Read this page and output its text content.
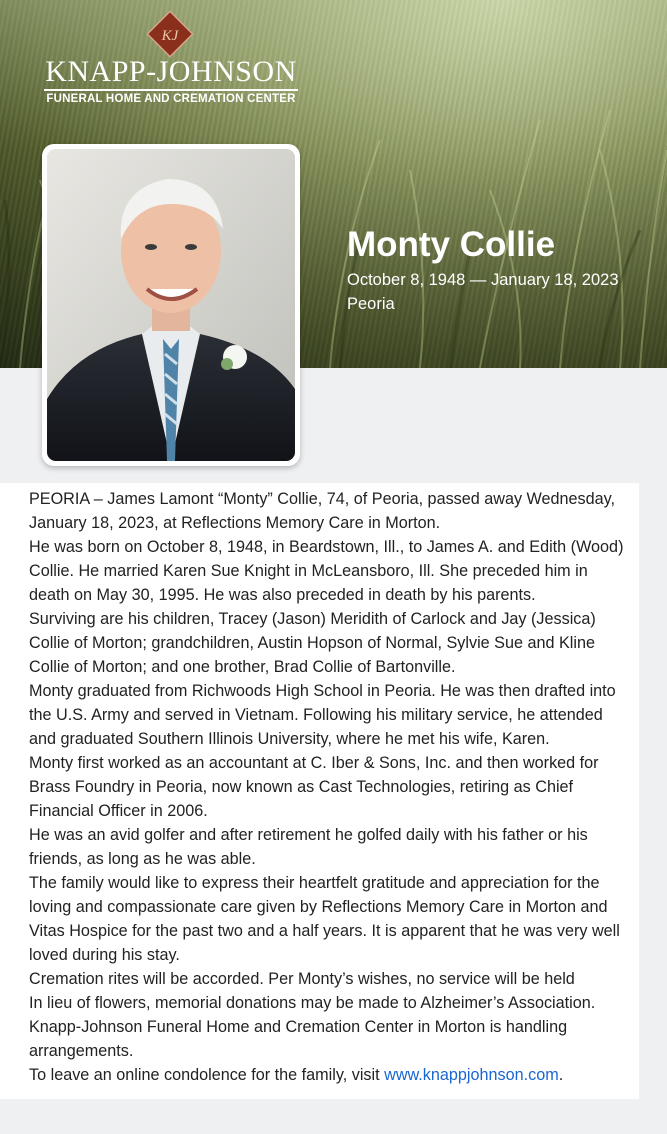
KJ
KNAPP-JOHNSON
FUNERAL HOME AND CREMATION CENTER
Monty Collie
October 8, 1948 — January 18, 2023
Peoria

PEORIA – James Lamont “Monty” Collie, 74, of Peoria, passed away Wednesday, January 18, 2023, at Reflections Memory Care in Morton.

He was born on October 8, 1948, in Beardstown, Ill., to James A. and Edith (Wood) Collie. He married Karen Sue Knight in McLeansboro, Ill. She preceded him in death on May 30, 1995. He was also preceded in death by his parents.

Surviving are his children, Tracey (Jason) Meridith of Carlock and Jay (Jessica) Collie of Morton; grandchildren, Austin Hopson of Normal, Sylvie Sue and Kline Collie of Morton; and one brother, Brad Collie of Bartonville.

Monty graduated from Richwoods High School in Peoria. He was then drafted into the U.S. Army and served in Vietnam. Following his military service, he attended and graduated Southern Illinois University, where he met his wife, Karen.

Monty first worked as an accountant at C. Iber & Sons, Inc. and then worked for Brass Foundry in Peoria, now known as Cast Technologies, retiring as Chief Financial Officer in 2006.

He was an avid golfer and after retirement he golfed daily with his father or his friends, as long as he was able.

The family would like to express their heartfelt gratitude and appreciation for the loving and compassionate care given by Reflections Memory Care in Morton and Vitas Hospice for the past two and a half years. It is apparent that he was very well loved during his stay.

Cremation rites will be accorded. Per Monty’s wishes, no service will be held

In lieu of flowers, memorial donations may be made to Alzheimer’s Association.

Knapp-Johnson Funeral Home and Cremation Center in Morton is handling arrangements.

To leave an online condolence for the family, visit www.knappjohnson.com.
